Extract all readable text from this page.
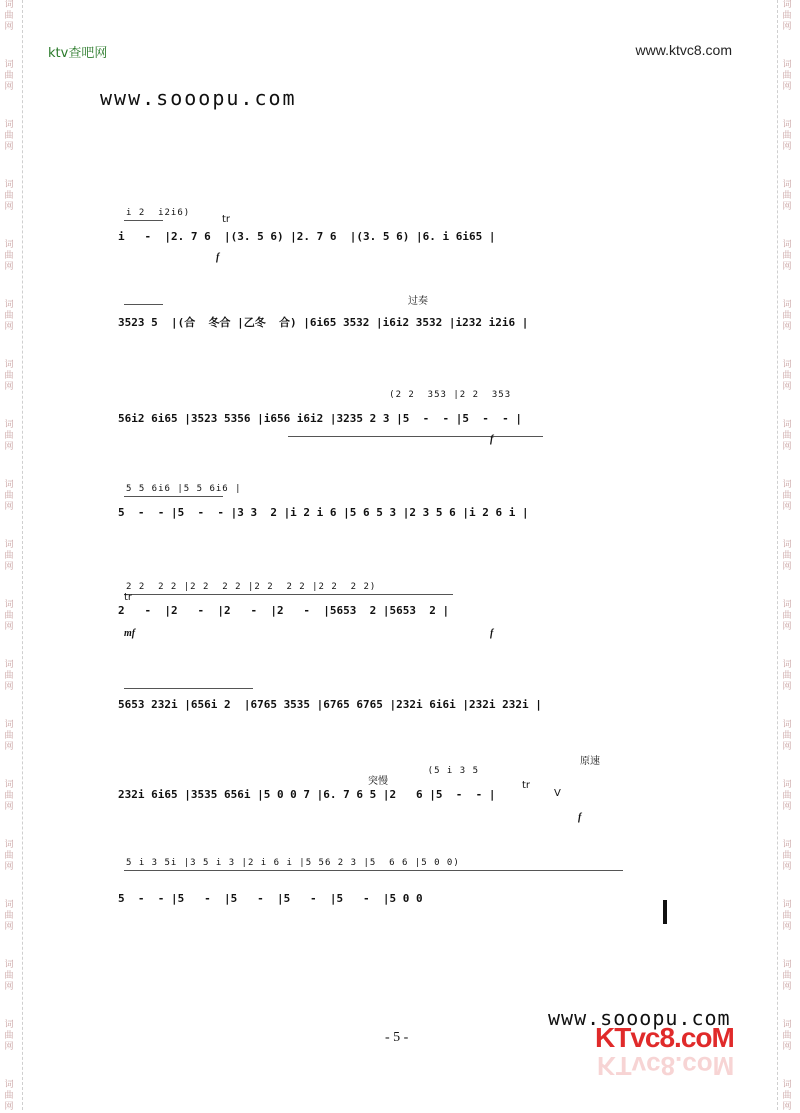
词
曲
网
词
曲
网
词
曲
网
词
曲
网
词
曲
网
词
曲
网
词
曲
网
词
曲
网
词
曲
网
词
曲
网
词
曲
网
词
曲
网
词
曲
网
词
曲
网
词
曲
网
词
曲
网
词
曲
网
词
曲
网
词
曲
网
词
曲
网
词
曲
网
词
曲
网
词
曲
网
词
曲
网
词
曲
网
词
曲
网
词
曲
网
词
曲
网
词
曲
网
词
曲
网
词
曲
网
词
曲
网
词
曲
网
词
曲
网
词
曲
网
词
曲
网
词
曲
网
词
曲
网
ktv查吧网	www.ktvc8.com
www.sooopu.com
i 2  i2i6)
i   -  |2. 7 6  |(3. 5 6) |2. 7 6  |(3. 5 6) |6. i 6i65 |
tr
f
过奏
3523 5  |(合  冬合 |乙冬  合) |6i65 3532 |i6i2 3532 |i232 i2i6 |
(2 2  353 |2 2  353
56i2 6i65 |3523 5356 |i656 i6i2 |3235 2 3 |5  -  - |5  -  - |
f
5 5 6i6 |5 5 6i6 |
5  -  - |5  -  - |3 3  2 |i 2 i 6 |5 6 5 3 |2 3 5 6 |i 2 6 i |
2 2  2 2 |2 2  2 2 |2 2  2 2 |2 2  2 2)
2   -  |2   -  |2   -  |2   -  |5653  2 |5653  2 |
tr
mf	f
5653 232i |656i 2  |6765 3535 |6765 6765 |232i 6i6i |232i 232i |
原速
突慢
(5 i 3 5
232i 6i65 |3535 656i |5 0 0 7 |6. 7 6 5 |2   6 |5  -  - |
tr
V
f
5 i 3 5i |3 5 i 3 |2 i 6 i |5 56 2 3 |5  6 6 |5 0 0)
5  -  - |5   -  |5   -  |5   -  |5   -  |5 0 0
- 5 -
www.sooopu.com
KTvc8.coM
KTvc8.coM
